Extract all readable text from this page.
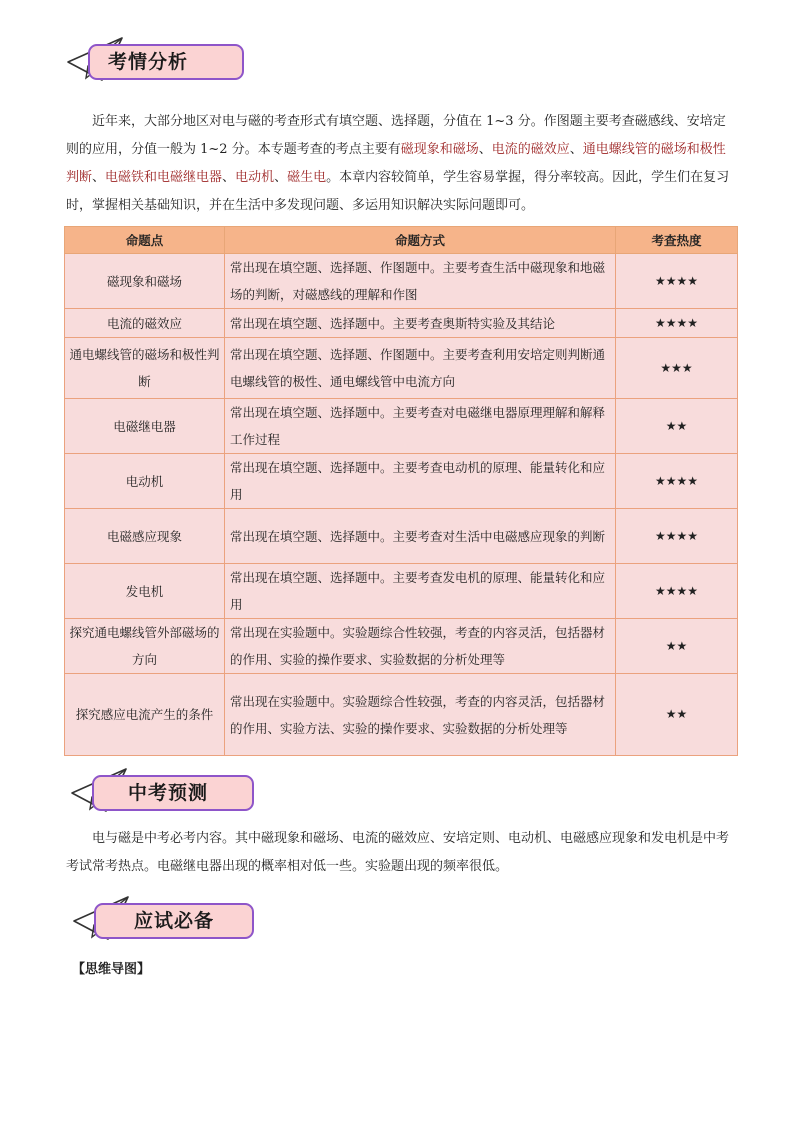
考情分析

近年来，大部分地区对电与磁的考查形式有填空题、选择题，分值在 1~3 分。作图题主要考查磁感线、安培定则的应用，分值一般为 1~2 分。本专题考查的考点主要有磁现象和磁场、电流的磁效应、通电螺线管的磁场和极性判断、电磁铁和电磁继电器、电动机、磁生电。本章内容较简单，学生容易掌握，得分率较高。因此，学生们在复习时，掌握相关基础知识，并在生活中多发现问题、多运用知识解决实际问题即可。

命题点	命题方式	考查热度
磁现象和磁场	常出现在填空题、选择题、作图题中。主要考查生活中磁现象和地磁场的判断，对磁感线的理解和作图	★★★★
电流的磁效应	常出现在填空题、选择题中。主要考查奥斯特实验及其结论	★★★★
通电螺线管的磁场和极性判断	常出现在填空题、选择题、作图题中。主要考查利用安培定则判断通电螺线管的极性、通电螺线管中电流方向	★★★
电磁继电器	常出现在填空题、选择题中。主要考查对电磁继电器原理理解和解释工作过程	★★
电动机	常出现在填空题、选择题中。主要考查电动机的原理、能量转化和应用	★★★★
电磁感应现象	常出现在填空题、选择题中。主要考查对生活中电磁感应现象的判断	★★★★
发电机	常出现在填空题、选择题中。主要考查发电机的原理、能量转化和应用	★★★★
探究通电螺线管外部磁场的方向	常出现在实验题中。实验题综合性较强，考查的内容灵活，包括器材的作用、实验的操作要求、实验数据的分析处理等	★★
探究感应电流产生的条件	常出现在实验题中。实验题综合性较强，考查的内容灵活，包括器材的作用、实验方法、实验的操作要求、实验数据的分析处理等	★★
中考预测

电与磁是中考必考内容。其中磁现象和磁场、电流的磁效应、安培定则、电动机、电磁感应现象和发电机是中考考试常考热点。电磁继电器出现的概率相对低一些。实验题出现的频率很低。

应试必备
【思维导图】
